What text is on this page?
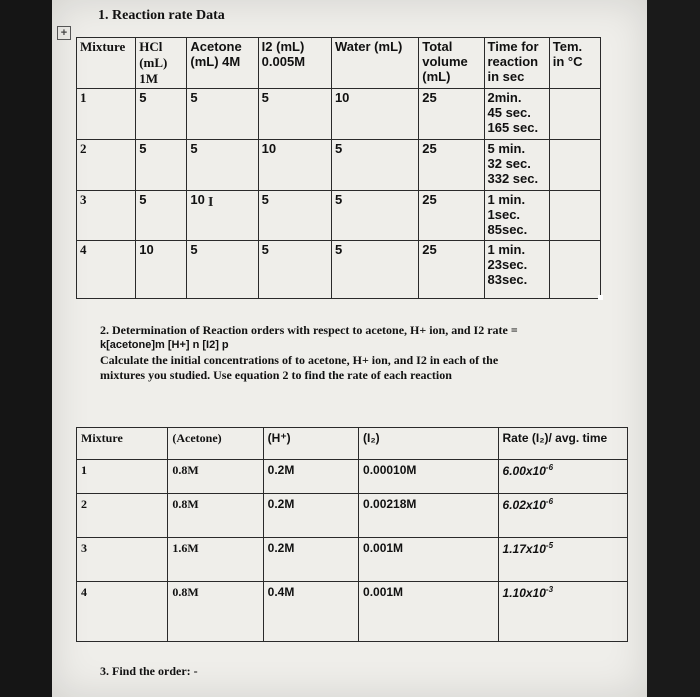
+
1. Reaction rate Data
Mixture	HCl (mL) 1M	Acetone (mL) 4M	I2 (mL) 0.005M	Water (mL)	Total volume (mL)	Time for reaction in sec	Tem. in °C
1	5	5	5	10	25	2min.
45 sec.
165 sec.	

2	5	5	10	5	25	5 min.
32 sec.
332 sec.	

3	5	10	5	5	25	1 min.
1sec.
85sec.	

4	10	5	5	5	25	1 min.
23sec.
83sec.	

I
2. Determination of Reaction orders with respect to acetone, H+ ion, and I2 rate =
k[acetone]m [H+] n [I2] p
Calculate the initial concentrations of to acetone, H+ ion, and I2 in each of the
mixtures you studied. Use equation 2 to find the rate of each reaction
Mixture	(Acetone)	(H⁺)	(I₂)	Rate (I₂)/ avg. time
1	0.8M	0.2M	0.00010M	$6.00x10^{-6}$
2	0.8M	0.2M	0.00218M	$6.02x10^{-6}$
3	1.6M	0.2M	0.001M	$1.17x10^{-5}$
4	0.8M	0.4M	0.001M	$1.10x10^{-3}$
3. Find the order: -
